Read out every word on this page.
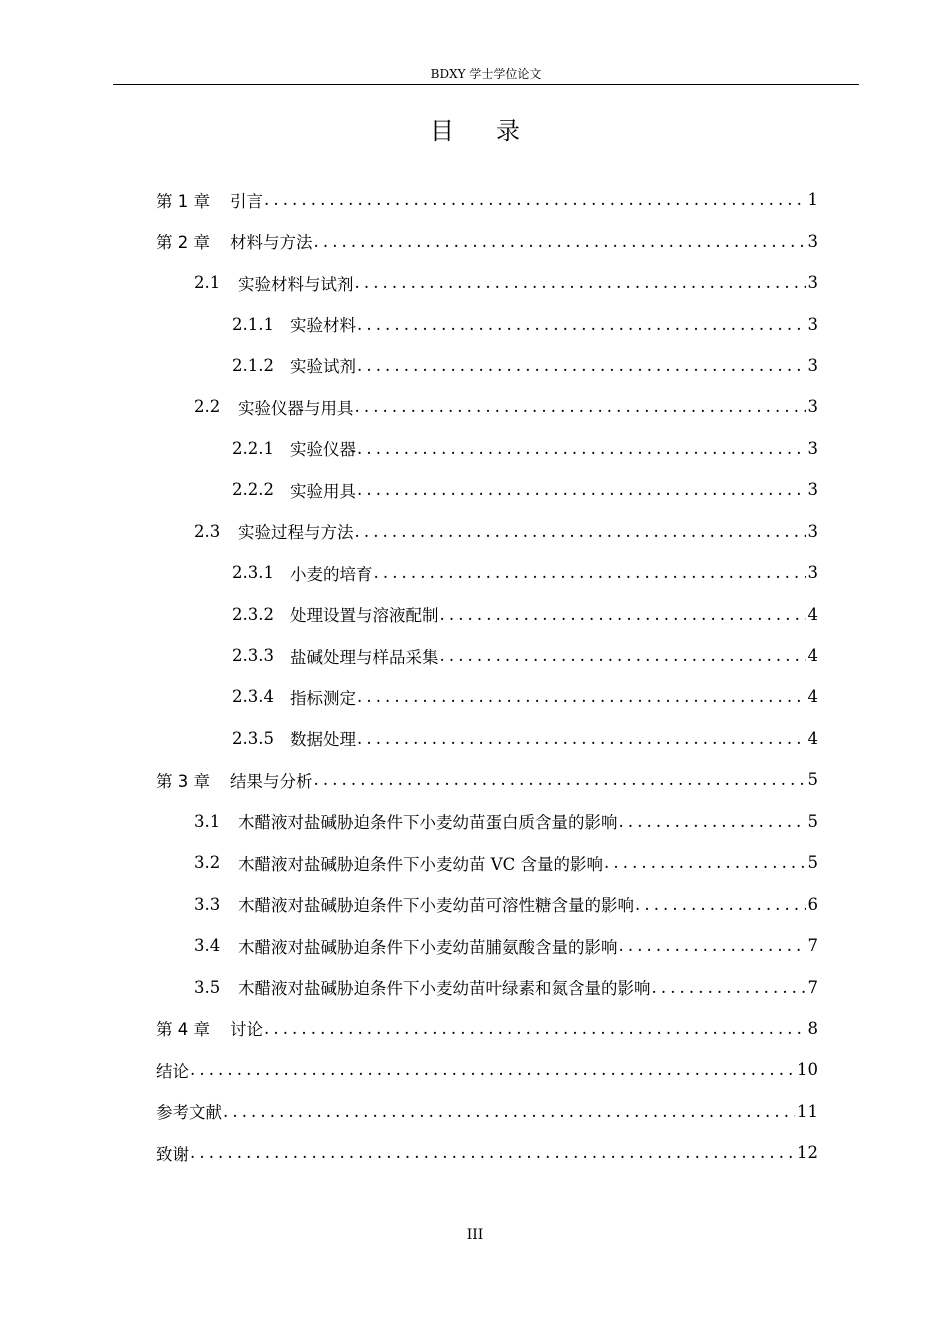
BDXY 学士学位论文
目录
第 1 章	引言 .....	1
第 2 章	材料与方法 .....	3
2.1	实验材料与试剂 .....	3
2.1.1 实验材料 .....	3
2.1.2 实验试剂 .....	3
2.2	实验仪器与用具 .....	3
2.2.1 实验仪器 .....	3
2.2.2 实验用具 .....	3
2.3	实验过程与方法 .....	3
2.3.1 小麦的培育 .....	3
2.3.2 处理设置与溶液配制 .....	4
2.3.3 盐碱处理与样品采集 .....	4
2.3.4 指标测定 .....	4
2.3.5 数据处理 .....	4
第 3 章	结果与分析 .....	5
3.1	木醋液对盐碱胁迫条件下小麦幼苗蛋白质含量的影响 .....	5
3.2	木醋液对盐碱胁迫条件下小麦幼苗 VC 含量的影响 .....	5
3.3	木醋液对盐碱胁迫条件下小麦幼苗可溶性糖含量的影响 .....	6
3.4	木醋液对盐碱胁迫条件下小麦幼苗脯氨酸含量的影响 .....	7
3.5	木醋液对盐碱胁迫条件下小麦幼苗叶绿素和氮含量的影响 .....	7
第 4 章	讨论 .....	8
结论 .....	10
参考文献 .....	11
致谢 .....	12
III
